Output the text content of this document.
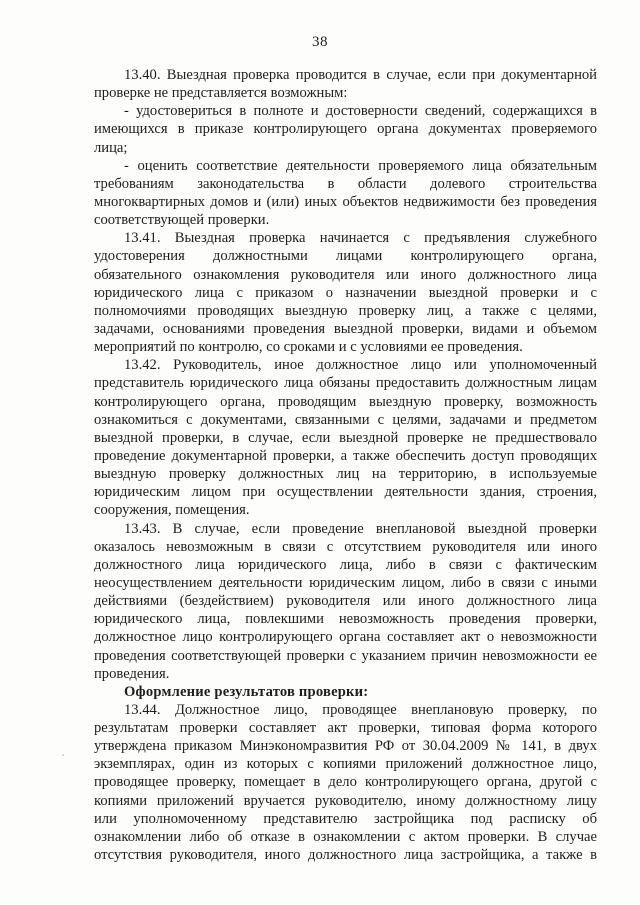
38
13.40. Выездная проверка проводится в случае, если при документарной
проверке не представляется возможным:
- удостовериться в полноте и достоверности сведений, содержащихся в
имеющихся в приказе контролирующего органа документах проверяемого
лица;
- оценить соответствие деятельности проверяемого лица обязательным
требованиям законодательства в области долевого строительства
многоквартирных домов и (или) иных объектов недвижимости без проведения
соответствующей проверки.
13.41. Выездная проверка начинается с предъявления служебного
удостоверения должностными лицами контролирующего органа,
обязательного ознакомления руководителя или иного должностного лица
юридического лица с приказом о назначении выездной проверки и с
полномочиями проводящих выездную проверку лиц, а также с целями,
задачами, основаниями проведения выездной проверки, видами и объемом
мероприятий по контролю, со сроками и с условиями ее проведения.
13.42. Руководитель, иное должностное лицо или уполномоченный
представитель юридического лица обязаны предоставить должностным лицам
контролирующего органа, проводящим выездную проверку, возможность
ознакомиться с документами, связанными с целями, задачами и предметом
выездной проверки, в случае, если выездной проверке не предшествовало
проведение документарной проверки, а также обеспечить доступ проводящих
выездную проверку должностных лиц на территорию, в используемые
юридическим лицом при осуществлении деятельности здания, строения,
сооружения, помещения.
13.43. В случае, если проведение внеплановой выездной проверки
оказалось невозможным в связи с отсутствием руководителя или иного
должностного лица юридического лица, либо в связи с фактическим
неосуществлением деятельности юридическим лицом, либо в связи с иными
действиями (бездействием) руководителя или иного должностного лица
юридического лица, повлекшими невозможность проведения проверки,
должностное лицо контролирующего органа составляет акт о невозможности
проведения соответствующей проверки с указанием причин невозможности ее
проведения.
Оформление результатов проверки:
13.44. Должностное лицо, проводящее внеплановую проверку, по
результатам проверки составляет акт проверки, типовая форма которого
утверждена приказом Минэкономразвития РФ от 30.04.2009 № 141, в двух
экземплярах, один из которых с копиями приложений должностное лицо,
проводящее проверку, помещает в дело контролирующего органа, другой с
копиями приложений вручается руководителю, иному должностному лицу
или уполномоченному представителю застройщика под расписку об
ознакомлении либо об отказе в ознакомлении с актом проверки. В случае
отсутствия руководителя, иного должностного лица застройщика, а также в
